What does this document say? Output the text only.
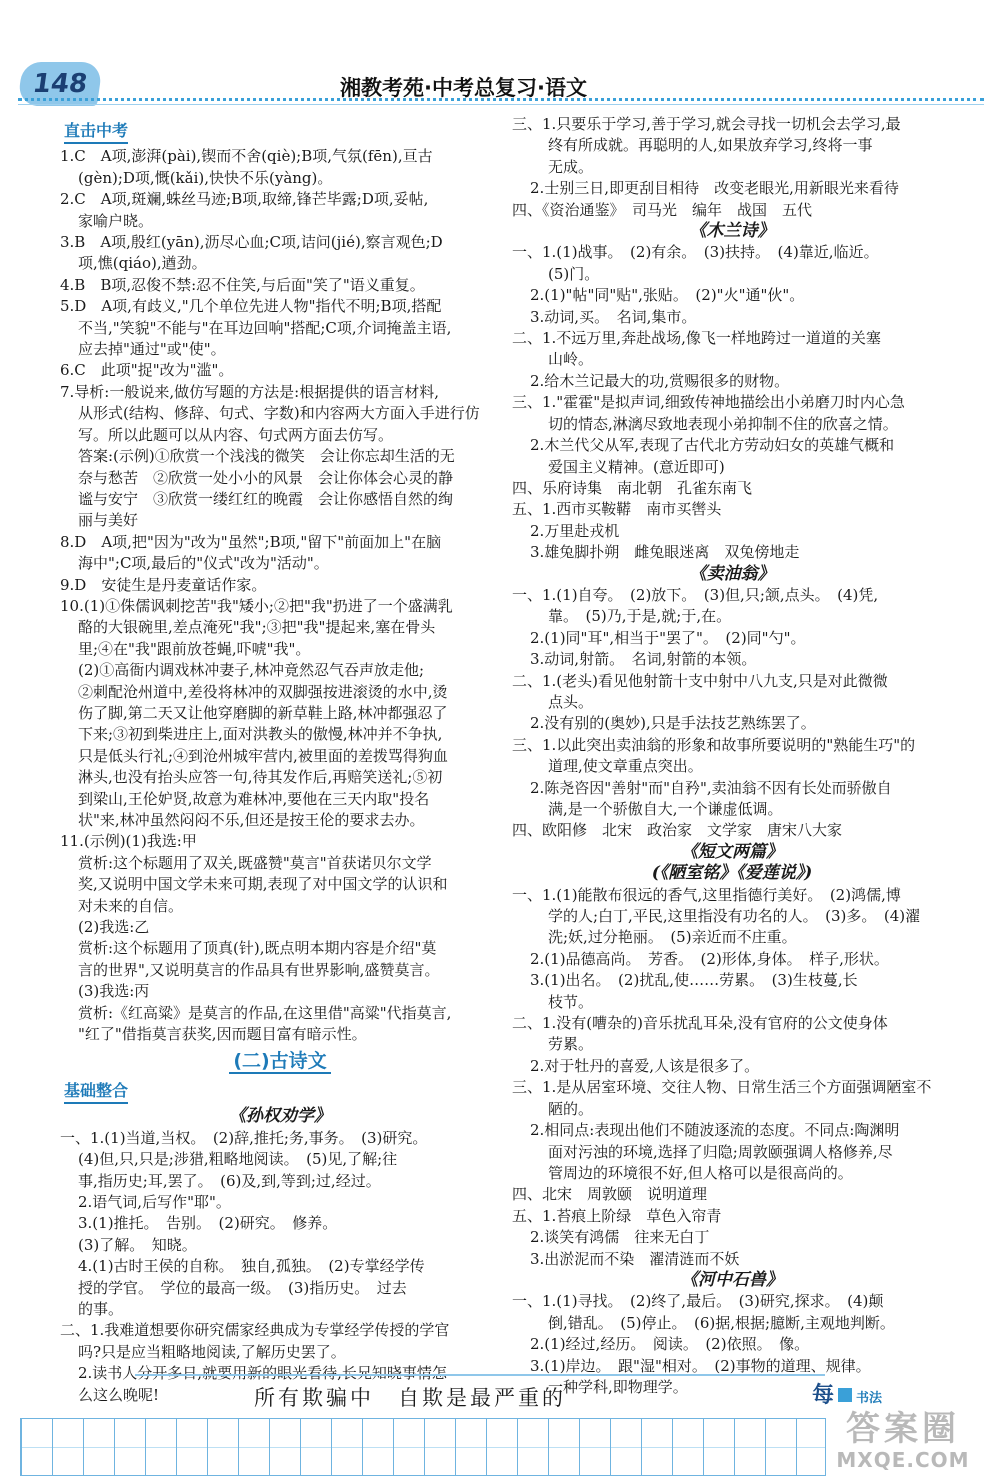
148	湘教考苑·中考总复习·语文
直击中考
1.C　A项,澎湃(pài),锲而不舍(qiè);B项,气氛(fēn),亘古
(gèn);D项,慨(kǎi),快快不乐(yàng)。
2.C　A项,斑斓,蛛丝马迹;B项,取缔,锋芒毕露;D项,妥帖,
家喻户晓。
3.B　A项,殷红(yān),沥尽心血;C项,诘问(jié),察言观色;D
项,憔(qiáo),遒劲。
4.B　B项,忍俊不禁:忍不住笑,与后面"笑了"语义重复。
5.D　A项,有歧义,"几个单位先进人物"指代不明;B项,搭配
不当,"笑貌"不能与"在耳边回响"搭配;C项,介词掩盖主语,
应去掉"通过"或"使"。
6.C　此项"捉"改为"滥"。
7.导析:一般说来,做仿写题的方法是:根据提供的语言材料,
从形式(结构、修辞、句式、字数)和内容两大方面入手进行仿
写。所以此题可以从内容、句式两方面去仿写。
答案:(示例)①欣赏一个浅浅的微笑　会让你忘却生活的无
奈与愁苦　②欣赏一处小小的风景　会让你体会心灵的静
谧与安宁　③欣赏一缕红红的晚霞　会让你感悟自然的绚
丽与美好
8.D　A项,把"因为"改为"虽然";B项,"留下"前面加上"在脑
海中";C项,最后的"仪式"改为"活动"。
9.D　安徒生是丹麦童话作家。
10.(1)①侏儒讽刺挖苦"我"矮小;②把"我"扔进了一个盛满乳
酪的大银碗里,差点淹死"我";③把"我"提起来,塞在骨头
里;④在"我"跟前放苍蝇,吓唬"我"。
(2)①高衙内调戏林冲妻子,林冲竟然忍气吞声放走他;
②刺配沧州道中,差役将林冲的双脚强按进滚烫的水中,烫
伤了脚,第二天又让他穿磨脚的新草鞋上路,林冲都强忍了
下来;③初到柴进庄上,面对洪教头的傲慢,林冲并不争执,
只是低头行礼;④到沧州城牢营内,被里面的差拨骂得狗血
淋头,也没有抬头应答一句,待其发作后,再赔笑送礼;⑤初
到梁山,王伦妒贤,故意为难林冲,要他在三天内取"投名
状"来,林冲虽然闷闷不乐,但还是按王伦的要求去办。
11.(示例)(1)我选:甲
赏析:这个标题用了双关,既盛赞"莫言"首获诺贝尔文学
奖,又说明中国文学未来可期,表现了对中国文学的认识和
对未来的自信。
(2)我选:乙
赏析:这个标题用了顶真(针),既点明本期内容是介绍"莫
言的世界",又说明莫言的作品具有世界影响,盛赞莫言。
(3)我选:丙
赏析:《红高粱》是莫言的作品,在这里借"高粱"代指莫言,
"红了"借指莫言获奖,因而题目富有暗示性。
(二)古诗文
基础整合
《孙权劝学》
一、1.(1)当道,当权。　(2)辞,推托;务,事务。　(3)研究。
(4)但,只,只是;涉猎,粗略地阅读。　(5)见,了解;往
事,指历史;耳,罢了。　(6)及,到,等到;过,经过。
2.语气词,后写作"耶"。
3.(1)推托。　告别。　(2)研究。　修养。
(3)了解。　知晓。
4.(1)古时王侯的自称。　独自,孤独。　(2)专掌经学传
授的学官。　学位的最高一级。　(3)指历史。　过去
的事。
二、1.我难道想要你研究儒家经典成为专掌经学传授的学官
吗?只是应当粗略地阅读,了解历史罢了。
2.读书人分开多日,就要用新的眼光看待,长兄知晓事情怎
么这么晚呢!
三、1.只要乐于学习,善于学习,就会寻找一切机会去学习,最
终有所成就。再聪明的人,如果放弃学习,终将一事
无成。
2.士别三日,即更刮目相待　改变老眼光,用新眼光来看待
四、《资治通鉴》　司马光　编年　战国　五代
《木兰诗》
一、1.(1)战事。　(2)有余。　(3)扶持。　(4)靠近,临近。
(5)门。
2.(1)"帖"同"贴",张贴。　(2)"火"通"伙"。
3.动词,买。　名词,集市。
二、1.不远万里,奔赴战场,像飞一样地跨过一道道的关塞
山岭。
2.给木兰记最大的功,赏赐很多的财物。
三、1."霍霍"是拟声词,细致传神地描绘出小弟磨刀时内心急
切的情态,淋漓尽致地表现小弟抑制不住的欣喜之情。
2.木兰代父从军,表现了古代北方劳动妇女的英雄气概和
爱国主义精神。(意近即可)
四、乐府诗集　南北朝　孔雀东南飞
五、1.西市买鞍鞯　南市买辔头
2.万里赴戎机
3.雄兔脚扑朔　雌兔眼迷离　双兔傍地走
《卖油翁》
一、1.(1)自夸。　(2)放下。　(3)但,只;颔,点头。　(4)凭,
靠。　(5)乃,于是,就;于,在。
2.(1)同"耳",相当于"罢了"。　(2)同"勺"。
3.动词,射箭。　名词,射箭的本领。
二、1.(老头)看见他射箭十支中射中八九支,只是对此微微
点头。
2.没有别的(奥妙),只是手法技艺熟练罢了。
三、1.以此突出卖油翁的形象和故事所要说明的"熟能生巧"的
道理,使文章重点突出。
2.陈尧咨因"善射"而"自矜",卖油翁不因有长处而骄傲自
满,是一个骄傲自大,一个谦虚低调。
四、欧阳修　北宋　政治家　文学家　唐宋八大家
《短文两篇》
(《陋室铭》《爱莲说》)
一、1.(1)能散布很远的香气,这里指德行美好。　(2)鸿儒,博
学的人;白丁,平民,这里指没有功名的人。　(3)多。　(4)濯
洗;妖,过分艳丽。　(5)亲近而不庄重。
2.(1)品德高尚。　芳香。　(2)形体,身体。　样子,形状。
3.(1)出名。　(2)扰乱,使……劳累。　(3)生枝蔓,长
枝节。
二、1.没有(嘈杂的)音乐扰乱耳朵,没有官府的公文使身体
劳累。
2.对于牡丹的喜爱,人该是很多了。
三、1.是从居室环境、交往人物、日常生活三个方面强调陋室不
陋的。
2.相同点:表现出他们不随波逐流的态度。不同点:陶渊明
面对污浊的环境,选择了归隐;周敦颐强调人格修养,尽
管周边的环境很不好,但人格可以是很高尚的。
四、北宋　周敦颐　说明道理
五、1.苔痕上阶绿　草色入帘青
2.谈笑有鸿儒　往来无白丁
3.出淤泥而不染　濯清涟而不妖
《河中石兽》
一、1.(1)寻找。　(2)终了,最后。　(3)研究,探求。　(4)颠
倒,错乱。　(5)停止。　(6)据,根据;臆断,主观地判断。
2.(1)经过,经历。　阅读。　(2)依照。　像。
3.(1)岸边。　跟"湿"相对。　(2)事物的道理、规律。
一种学科,即物理学。
所有欺骗中　自欺是最严重的	每 书法
答案圈
MXQE.COM
